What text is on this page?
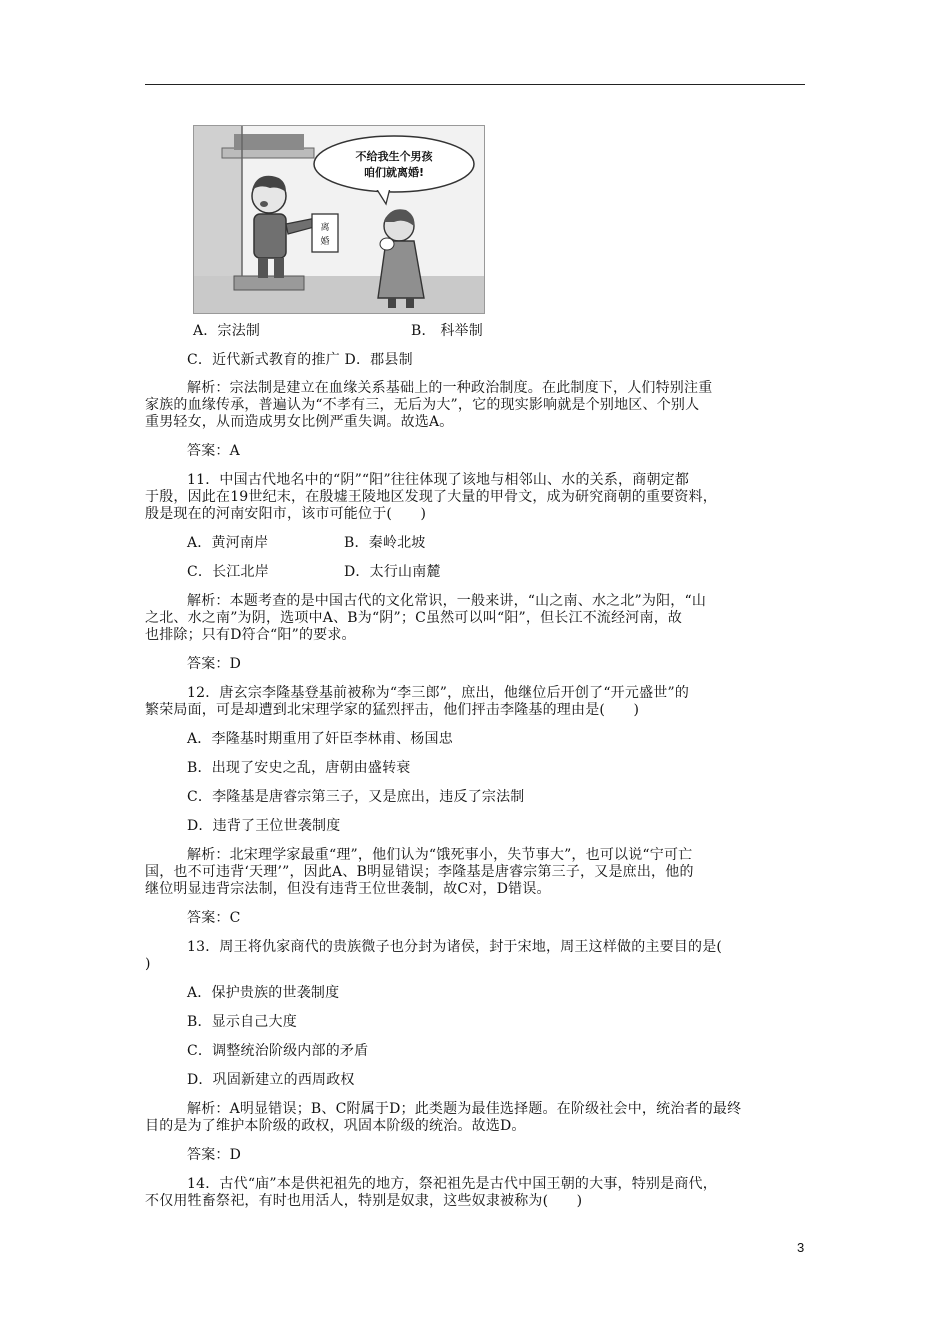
离
婚
不给我生个男孩
咱们就离婚!
A．宗法制	B． 科举制
C．近代新式教育的推广 D．郡县制
解析：宗法制是建立在血缘关系基础上的一种政治制度。在此制度下，人们特别注重
家族的血缘传承，普遍认为“不孝有三，无后为大”，它的现实影响就是个别地区、个别人
重男轻女，从而造成男女比例严重失调。故选A。
答案：A
11．中国古代地名中的“阴”“阳”往往体现了该地与相邻山、水的关系，商朝定都
于殷，因此在19世纪末，在殷墟王陵地区发现了大量的甲骨文，成为研究商朝的重要资料，
殷是现在的河南安阳市，该市可能位于(　　)
A．黄河南岸	B．秦岭北坡
C．长江北岸	D．太行山南麓
解析：本题考查的是中国古代的文化常识，一般来讲，“山之南、水之北”为阳，“山
之北、水之南”为阴，选项中A、B为“阴”；C虽然可以叫“阳”，但长江不流经河南，故
也排除；只有D符合“阳”的要求。
答案：D
12．唐玄宗李隆基登基前被称为“李三郎”，庶出，他继位后开创了“开元盛世”的
繁荣局面，可是却遭到北宋理学家的猛烈抨击，他们抨击李隆基的理由是(　　)
A．李隆基时期重用了奸臣李林甫、杨国忠
B．出现了安史之乱，唐朝由盛转衰
C．李隆基是唐睿宗第三子，又是庶出，违反了宗法制
D．违背了王位世袭制度
解析：北宋理学家最重“理”，他们认为“饿死事小，失节事大”，也可以说“宁可亡
国，也不可违背‘天理’”，因此A、B明显错误；李隆基是唐睿宗第三子，又是庶出，他的
继位明显违背宗法制，但没有违背王位世袭制，故C对，D错误。
答案：C
13．周王将仇家商代的贵族微子也分封为诸侯，封于宋地，周王这样做的主要目的是(
)
A．保护贵族的世袭制度
B．显示自己大度
C．调整统治阶级内部的矛盾
D．巩固新建立的西周政权
解析：A明显错误；B、C附属于D；此类题为最佳选择题。在阶级社会中，统治者的最终
目的是为了维护本阶级的政权，巩固本阶级的统治。故选D。
答案：D
14．古代“庙”本是供祀祖先的地方，祭祀祖先是古代中国王朝的大事，特别是商代，
不仅用牲畜祭祀，有时也用活人，特别是奴隶，这些奴隶被称为(　　)
3
